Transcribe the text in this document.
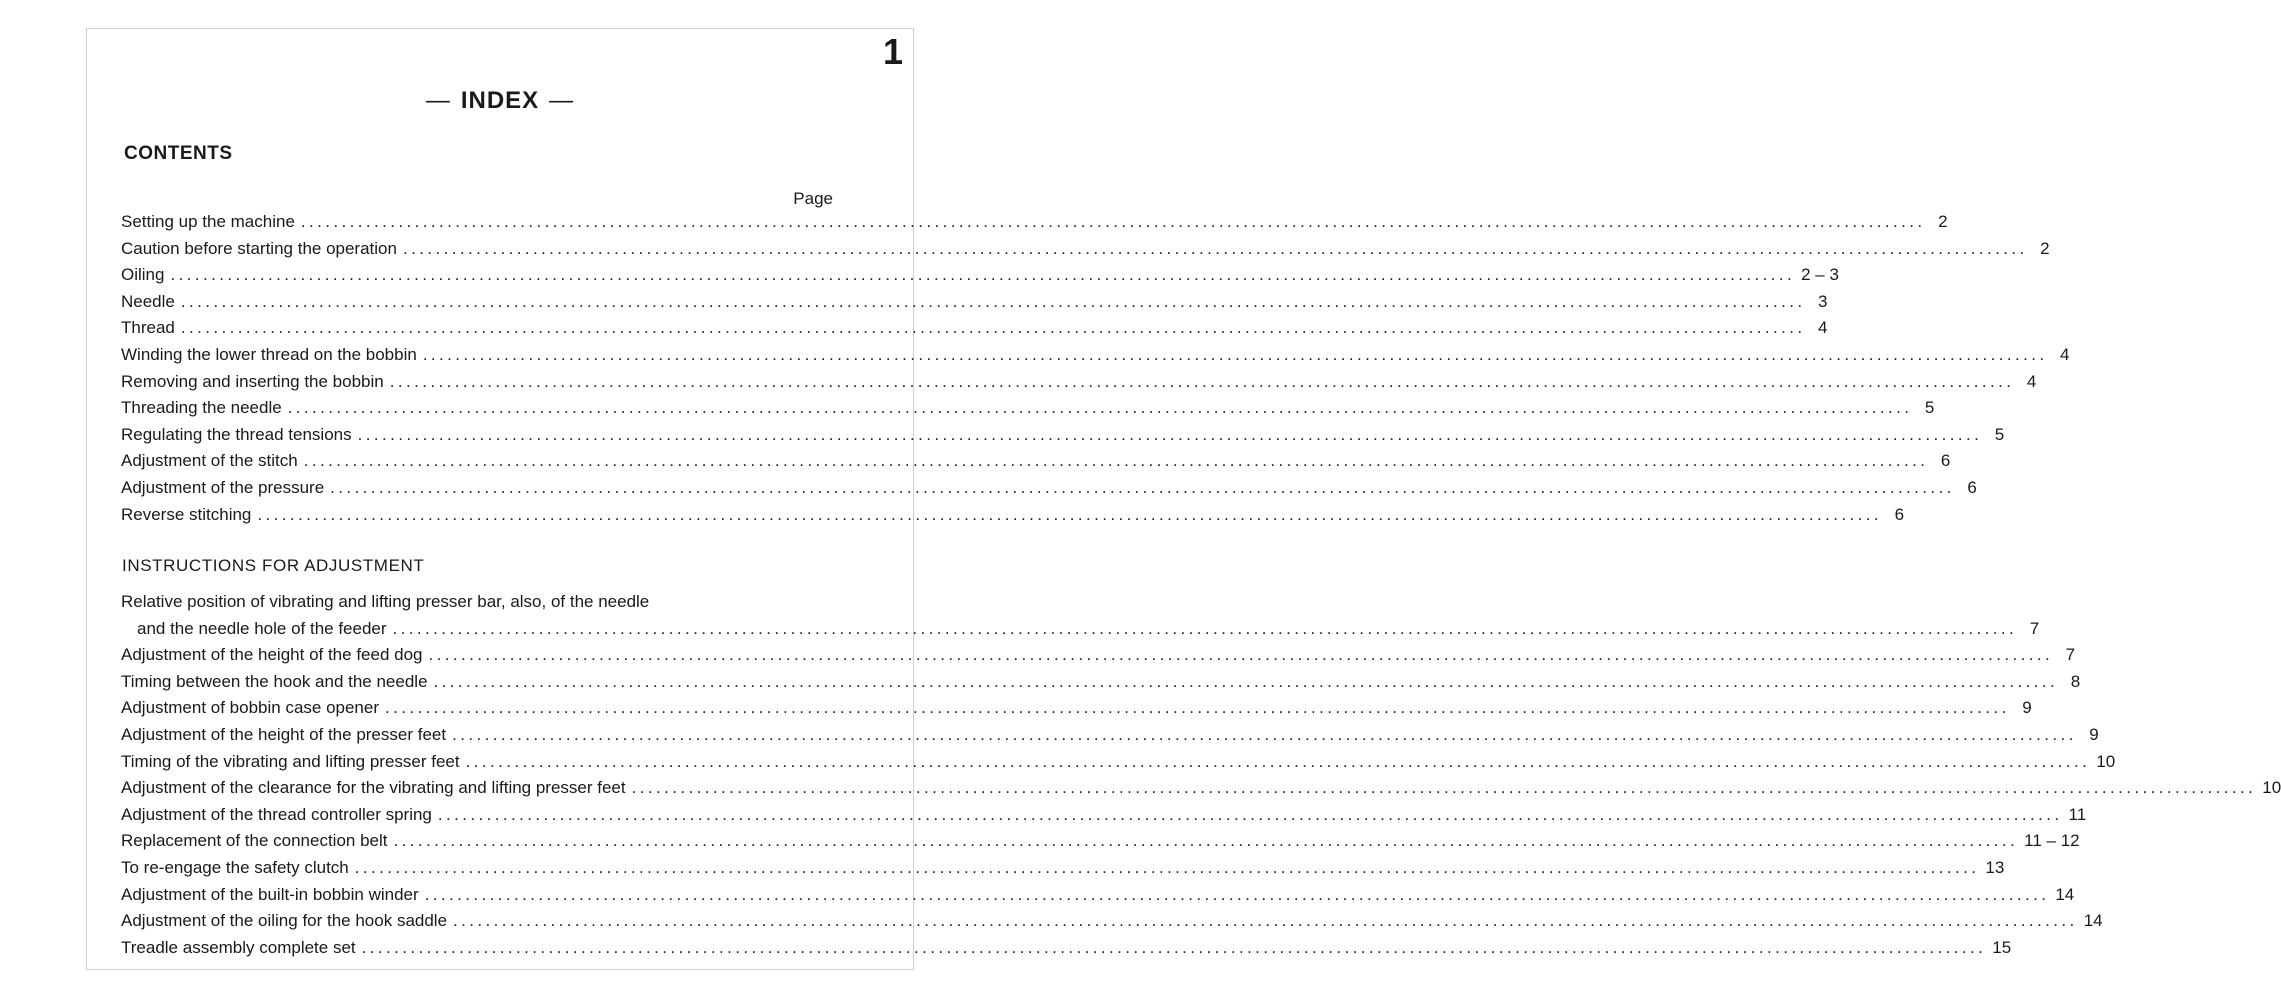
1
— INDEX —
CONTENTS
Page
Setting up the machine ........................................................................................................................................................................................................ 2
Caution before starting the operation ........................................................................................................................................................................................................ 2
Oiling ........................................................................................................................................................................................................ 2 – 3
Needle ........................................................................................................................................................................................................ 3
Thread ........................................................................................................................................................................................................ 4
Winding the lower thread on the bobbin ........................................................................................................................................................................................................ 4
Removing and inserting the bobbin ........................................................................................................................................................................................................ 4
Threading the needle ........................................................................................................................................................................................................ 5
Regulating the thread tensions ........................................................................................................................................................................................................ 5
Adjustment of the stitch ........................................................................................................................................................................................................ 6
Adjustment of the pressure ........................................................................................................................................................................................................ 6
Reverse stitching ........................................................................................................................................................................................................ 6
INSTRUCTIONS FOR ADJUSTMENT
Relative position of vibrating and lifting presser bar, also, of the needle
and the needle hole of the feeder ........................................................................................................................................................................................................ 7
Adjustment of the height of the feed dog ........................................................................................................................................................................................................ 7
Timing between the hook and the needle ........................................................................................................................................................................................................ 8
Adjustment of bobbin case opener ........................................................................................................................................................................................................ 9
Adjustment of the height of the presser feet ........................................................................................................................................................................................................ 9
Timing of the vibrating and lifting presser feet ........................................................................................................................................................................................................ 10
Adjustment of the clearance for the vibrating and lifting presser feet ........................................................................................................................................................................................................ 10
Adjustment of the thread controller spring ........................................................................................................................................................................................................ 11
Replacement of the connection belt ........................................................................................................................................................................................................ 11 – 12
To re-engage the safety clutch ........................................................................................................................................................................................................ 13
Adjustment of the built-in bobbin winder ........................................................................................................................................................................................................ 14
Adjustment of the oiling for the hook saddle ........................................................................................................................................................................................................ 14
Treadle assembly complete set ........................................................................................................................................................................................................ 15
